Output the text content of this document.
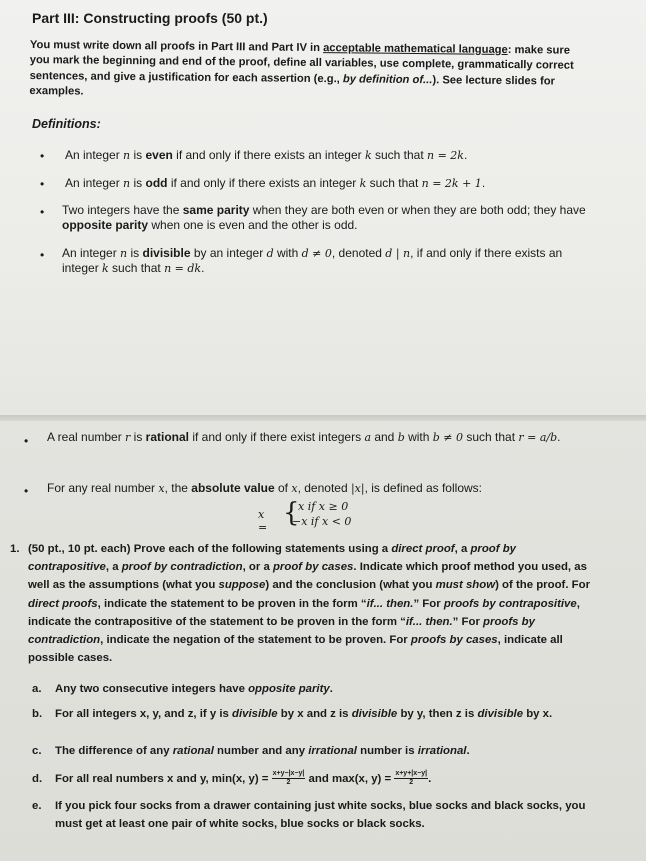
Part III: Constructing proofs (50 pt.)

You must write down all proofs in Part III and Part IV in acceptable mathematical language: make sure you mark the beginning and end of the proof, define all variables, use complete, grammatically correct sentences, and give a justification for each assertion (e.g., by definition of...). See lecture slides for examples.

Definitions:
• An integer n is even if and only if there exists an integer k such that n = 2k.

• An integer n is odd if and only if there exists an integer k such that n = 2k + 1.

• Two integers have the same parity when they are both even or when they are both odd; they have opposite parity when one is even and the other is odd.

• An integer n is divisible by an integer d with d ≠ 0, denoted d | n, if and only if there exists an integer k such that n = dk.

• A real number r is rational if and only if there exist integers a and b with b ≠ 0 such that r = a/b.

• For any real number x, the absolute value of x, denoted |x|, is defined as follows:

x = {
x if x ≥ 0
−x if x < 0
1. (50 pt., 10 pt. each) Prove each of the following statements using a direct proof, a proof by contrapositive, a proof by contradiction, or a proof by cases. Indicate which proof method you used, as well as the assumptions (what you suppose) and the conclusion (what you must show) of the proof. For direct proofs, indicate the statement to be proven in the form “if... then.” For proofs by contrapositive, indicate the contrapositive of the statement to be proven in the form “if... then.” For proofs by contradiction, indicate the negation of the statement to be proven. For proofs by cases, indicate all possible cases.

a. Any two consecutive integers have opposite parity.

b. For all integers x, y, and z, if y is divisible by x and z is divisible by y, then z is divisible by x.

c. The difference of any rational number and any irrational number is irrational.

d. For all real numbers x and y, min(x, $y) = \frac{x+y-|x-y|}{2}$ and max(x, $y) = \frac{x+y+|x-y|}{2}$ .

e. If you pick four socks from a drawer containing just white socks, blue socks and black socks, you must get at least one pair of white socks, blue socks or black socks.
